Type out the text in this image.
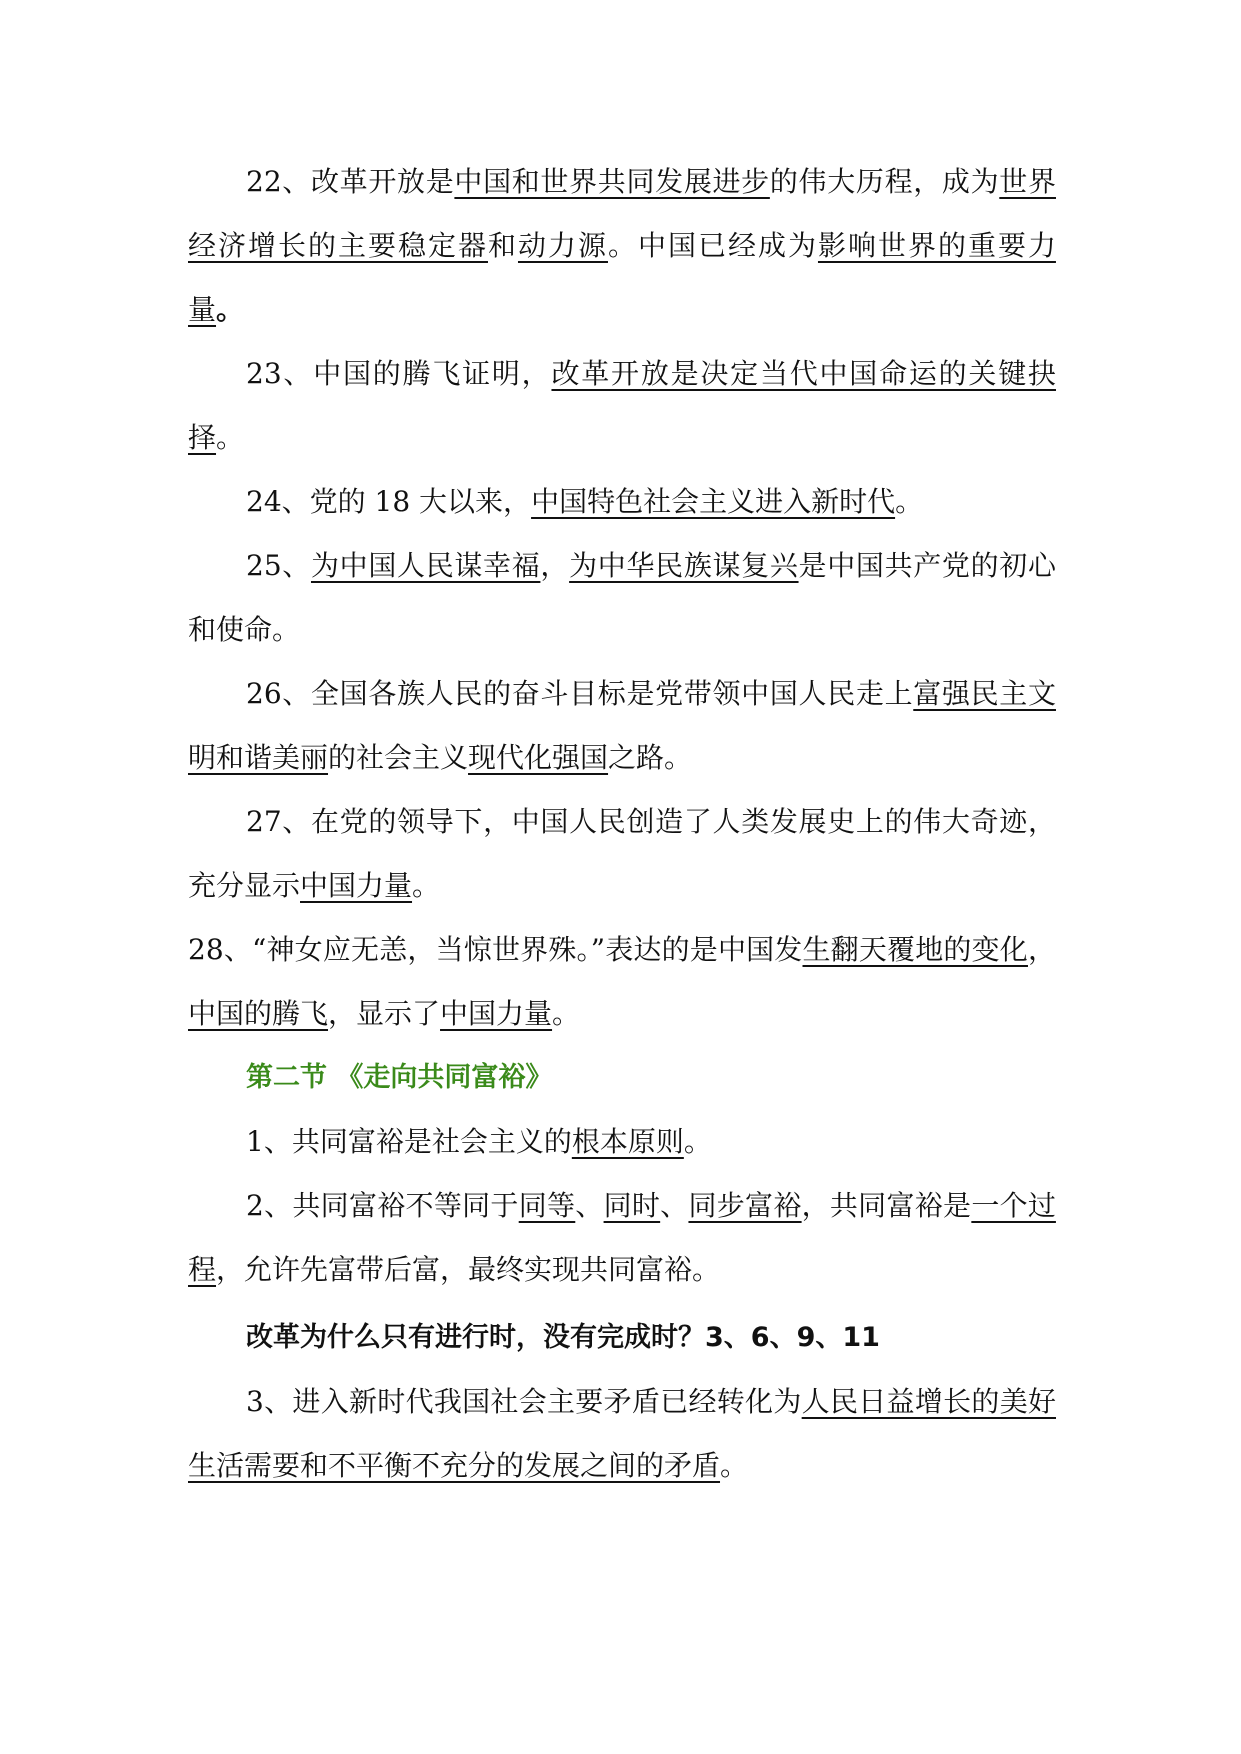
22、改革开放是中国和世界共同发展进步的伟大历程，成为世界经济增长的主要稳定器和动力源。中国已经成为影响世界的重要力量。

23、中国的腾飞证明，改革开放是决定当代中国命运的关键抉择。

24、党的 18 大以来，中国特色社会主义进入新时代。

25、为中国人民谋幸福，为中华民族谋复兴是中国共产党的初心和使命。

26、全国各族人民的奋斗目标是党带领中国人民走上富强民主文明和谐美丽的社会主义现代化强国之路。

27、在党的领导下，中国人民创造了人类发展史上的伟大奇迹，充分显示中国力量。

28、“神女应无恙，当惊世界殊。”表达的是中国发生翻天覆地的变化，中国的腾飞，显示了中国力量。

第二节 《走向共同富裕》

1、共同富裕是社会主义的根本原则。

2、共同富裕不等同于同等、同时、同步富裕，共同富裕是一个过程，允许先富带后富，最终实现共同富裕。

改革为什么只有进行时，没有完成时？3、6、9、11

3、进入新时代我国社会主要矛盾已经转化为人民日益增长的美好生活需要和不平衡不充分的发展之间的矛盾。
